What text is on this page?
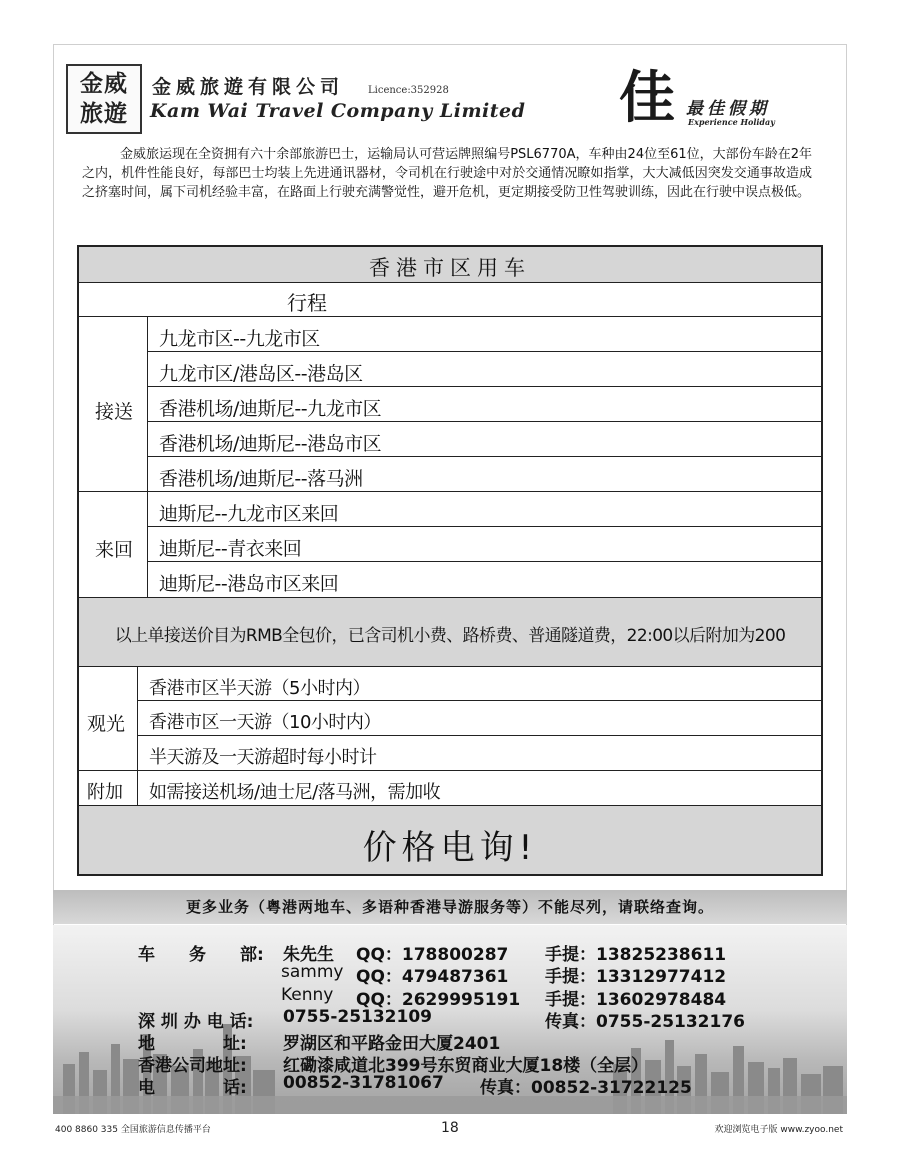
金威
旅遊
金威旅遊有限公司 Licence:352928
Kam Wai Travel Company Limited 佳 最佳假期
Experience Holiday
金威旅运现在全资拥有六十余部旅游巴士，运输局认可营运牌照编号PSL6770A，车种由24位至61位，大部份车龄在2年之内，机件性能良好，每部巴士均装上先进通讯器材，令司机在行驶途中对於交通情况瞭如指掌，大大减低因突发交通事故造成之挤塞时间，属下司机经验丰富，在路面上行驶充满警觉性，避开危机，更定期接受防卫性驾驶训练，因此在行驶中误点极低。
香港市区用车
行程
接送
九龙市区--九龙市区
九龙市区/港岛区--港岛区
香港机场/迪斯尼--九龙市区
香港机场/迪斯尼--港岛市区
香港机场/迪斯尼--落马洲
来回
迪斯尼--九龙市区来回
迪斯尼--青衣来回
迪斯尼--港岛市区来回
以上单接送价目为RMB全包价，已含司机小费、路桥费、普通隧道费，22:00以后附加为200
观光
香港市区半天游（5小时内）
香港市区一天游（10小时内）
半天游及一天游超时每小时计
附加 如需接送机场/迪士尼/落马洲，需加收
价格电询!
更多业务（粤港两地车、多语种香港导游服务等）不能尽列，请联络查询。
车　　务　　部: 朱先生 QQ：178800287 手提：13825238611
sammy QQ：479487361 手提：13312977412
Kenny QQ：2629995191 手提：13602978484
深 圳 办 电 话: 0755-25132109	传真：0755-25132176
地　　　　址: 罗湖区和平路金田大厦2401
香港公司地址: 红磡漆咸道北399号东贸商业大厦18楼（全层）
电　　　　话: 00852-31781067 传真：00852-31722125
400 8860 335 全国旅游信息传播平台	18	欢迎浏览电子版 www.zyoo.net
